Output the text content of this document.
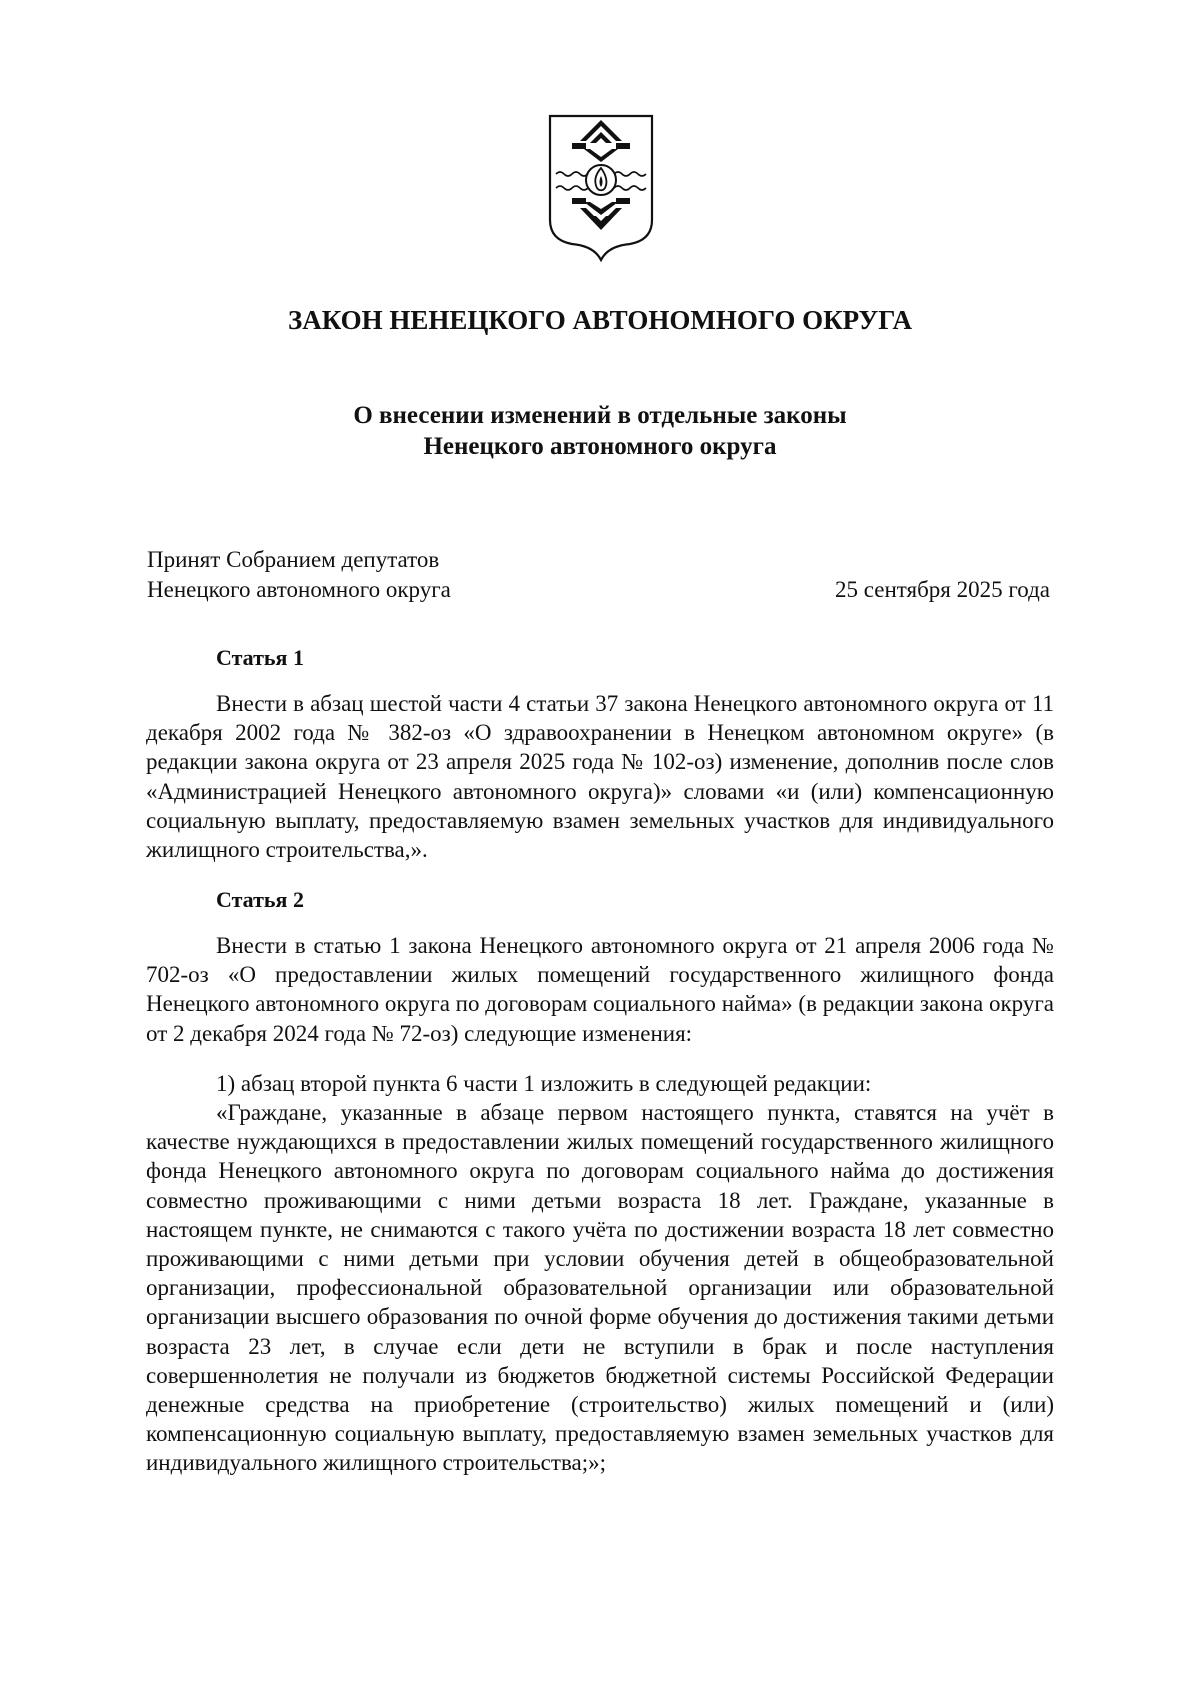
ЗАКОН НЕНЕЦКОГО АВТОНОМНОГО ОКРУГА
О внесении изменений в отдельные законы
Ненецкого автономного округа
Принят Собранием депутатов
Ненецкого автономного округа	25 сентября 2025 года
Статья 1

Внести в абзац шестой части 4 статьи 37 закона Ненецкого автономного округа от 11 декабря 2002 года № 382-оз «О здравоохранении в Ненецком автономном округе» (в редакции закона округа от 23 апреля 2025 года № 102-оз) изменение, дополнив после слов «Администрацией Ненецкого автономного округа)» словами «и (или) компенсационную социальную выплату, предоставляемую взамен земельных участков для индивидуального жилищного строительства,».

Статья 2

Внести в статью 1 закона Ненецкого автономного округа от 21 апреля 2006 года № 702-оз «О предоставлении жилых помещений государственного жилищного фонда Ненецкого автономного округа по договорам социального найма» (в редакции закона округа от 2 декабря 2024 года № 72-оз) следующие изменения:

1) абзац второй пункта 6 части 1 изложить в следующей редакции:

«Граждане, указанные в абзаце первом настоящего пункта, ставятся на учёт в качестве нуждающихся в предоставлении жилых помещений государственного жилищного фонда Ненецкого автономного округа по договорам социального найма до достижения совместно проживающими с ними детьми возраста 18 лет. Граждане, указанные в настоящем пункте, не снимаются с такого учёта по достижении возраста 18 лет совместно проживающими с ними детьми при условии обучения детей в общеобразовательной организации, профессиональной образовательной организации или образовательной организации высшего образования по очной форме обучения до достижения такими детьми возраста 23 лет, в случае если дети не вступили в брак и после наступления совершеннолетия не получали из бюджетов бюджетной системы Российской Федерации денежные средства на приобретение (строительство) жилых помещений и (или) компенсационную социальную выплату, предоставляемую взамен земельных участков для индивидуального жилищного строительства;»;
